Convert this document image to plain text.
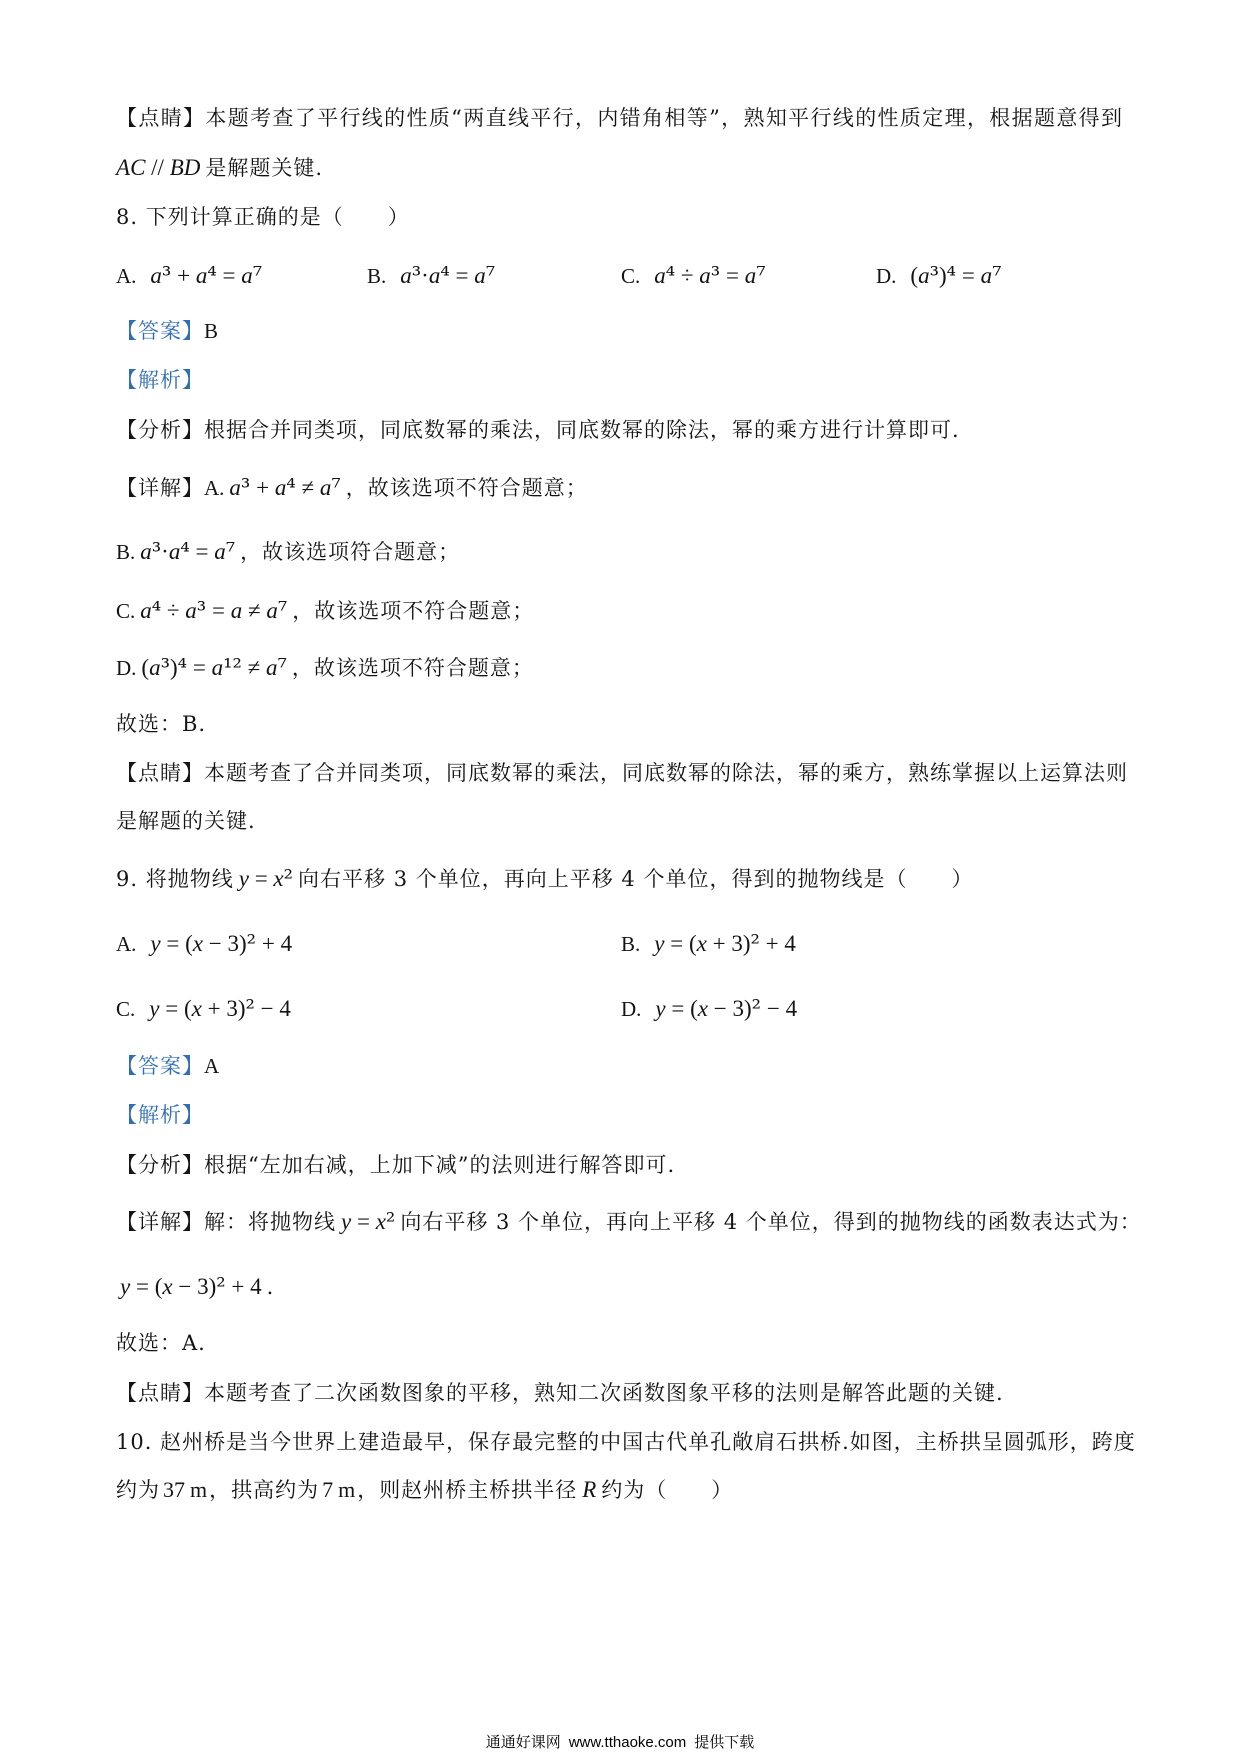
【点睛】本题考查了平行线的性质“两直线平行，内错角相等”，熟知平行线的性质定理，根据题意得到
AC // BD 是解题关键.
8. 下列计算正确的是（　　）
A. a³ + a⁴ = a⁷	B. a³·a⁴ = a⁷	C. a⁴ ÷ a³ = a⁷	D. (a³)⁴ = a⁷
【答案】B
【解析】
【分析】根据合并同类项，同底数幂的乘法，同底数幂的除法，幂的乘方进行计算即可.
【详解】A. a³ + a⁴ ≠ a⁷ ，故该选项不符合题意；
B. a³·a⁴ = a⁷ ，故该选项符合题意；
C. a⁴ ÷ a³ = a ≠ a⁷ ，故该选项不符合题意；
D. (a³)⁴ = a¹² ≠ a⁷ ，故该选项不符合题意；
故选：B.
【点睛】本题考查了合并同类项，同底数幂的乘法，同底数幂的除法，幂的乘方，熟练掌握以上运算法则
是解题的关键.
9. 将抛物线 y = x² 向右平移 3 个单位，再向上平移 4 个单位，得到的抛物线是（　　）
A. y = (x − 3)² + 4	B. y = (x + 3)² + 4
C. y = (x + 3)² − 4	D. y = (x − 3)² − 4
【答案】A
【解析】
【分析】根据“左加右减，上加下减”的法则进行解答即可.
【详解】解：将抛物线 y = x² 向右平移 3 个单位，再向上平移 4 个单位，得到的抛物线的函数表达式为：
y = (x − 3)² + 4 .
故选：A.
【点睛】本题考查了二次函数图象的平移，熟知二次函数图象平移的法则是解答此题的关键.
10. 赵州桥是当今世界上建造最早，保存最完整的中国古代单孔敞肩石拱桥.如图，主桥拱呈圆弧形，跨度
约为 37 m，拱高约为 7 m，则赵州桥主桥拱半径 R 约为（　　）
通通好课网 www.tthaoke.com 提供下载
